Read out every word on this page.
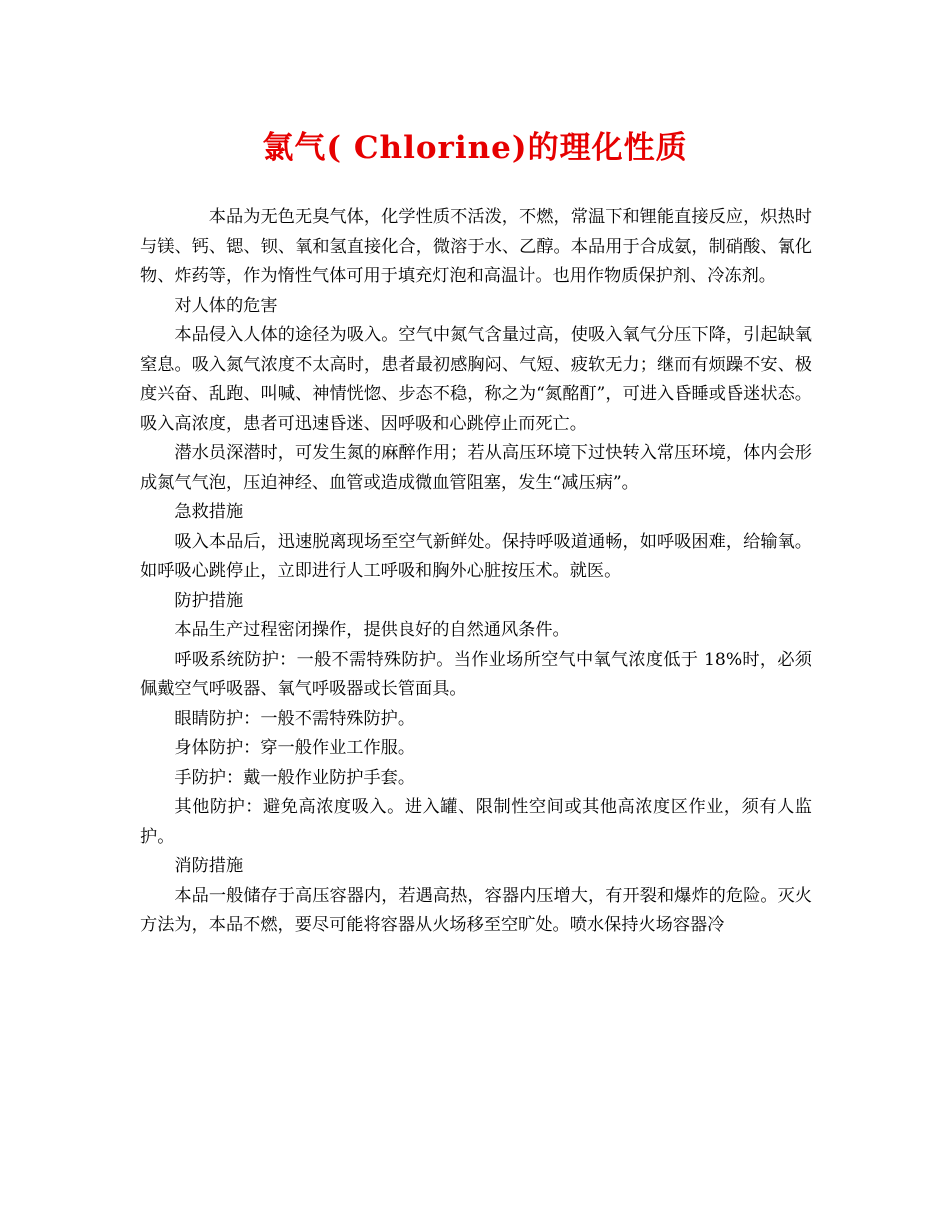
氯气( Chlorine)的理化性质

本品为无色无臭气体，化学性质不活泼，不燃，常温下和锂能直接反应，炽热时与镁、钙、锶、钡、氧和氢直接化合，微溶于水、乙醇。本品用于合成氨，制硝酸、氰化物、炸药等，作为惰性气体可用于填充灯泡和高温计。也用作物质保护剂、冷冻剂。

对人体的危害

本品侵入人体的途径为吸入。空气中氮气含量过高，使吸入氧气分压下降，引起缺氧窒息。吸入氮气浓度不太高时，患者最初感胸闷、气短、疲软无力；继而有烦躁不安、极度兴奋、乱跑、叫喊、神情恍惚、步态不稳，称之为“氮酩酊”，可进入昏睡或昏迷状态。吸入高浓度，患者可迅速昏迷、因呼吸和心跳停止而死亡。

潜水员深潜时，可发生氮的麻醉作用；若从高压环境下过快转入常压环境，体内会形成氮气气泡，压迫神经、血管或造成微血管阻塞，发生“减压病”。

急救措施

吸入本品后，迅速脱离现场至空气新鲜处。保持呼吸道通畅，如呼吸困难，给输氧。如呼吸心跳停止，立即进行人工呼吸和胸外心脏按压术。就医。

防护措施

本品生产过程密闭操作，提供良好的自然通风条件。

呼吸系统防护：一般不需特殊防护。当作业场所空气中氧气浓度低于 18%时，必须佩戴空气呼吸器、氧气呼吸器或长管面具。

眼睛防护：一般不需特殊防护。

身体防护：穿一般作业工作服。

手防护：戴一般作业防护手套。

其他防护：避免高浓度吸入。进入罐、限制性空间或其他高浓度区作业，须有人监护。

消防措施

本品一般储存于高压容器内，若遇高热，容器内压增大，有开裂和爆炸的危险。灭火方法为，本品不燃，要尽可能将容器从火场移至空旷处。喷水保持火场容器冷
